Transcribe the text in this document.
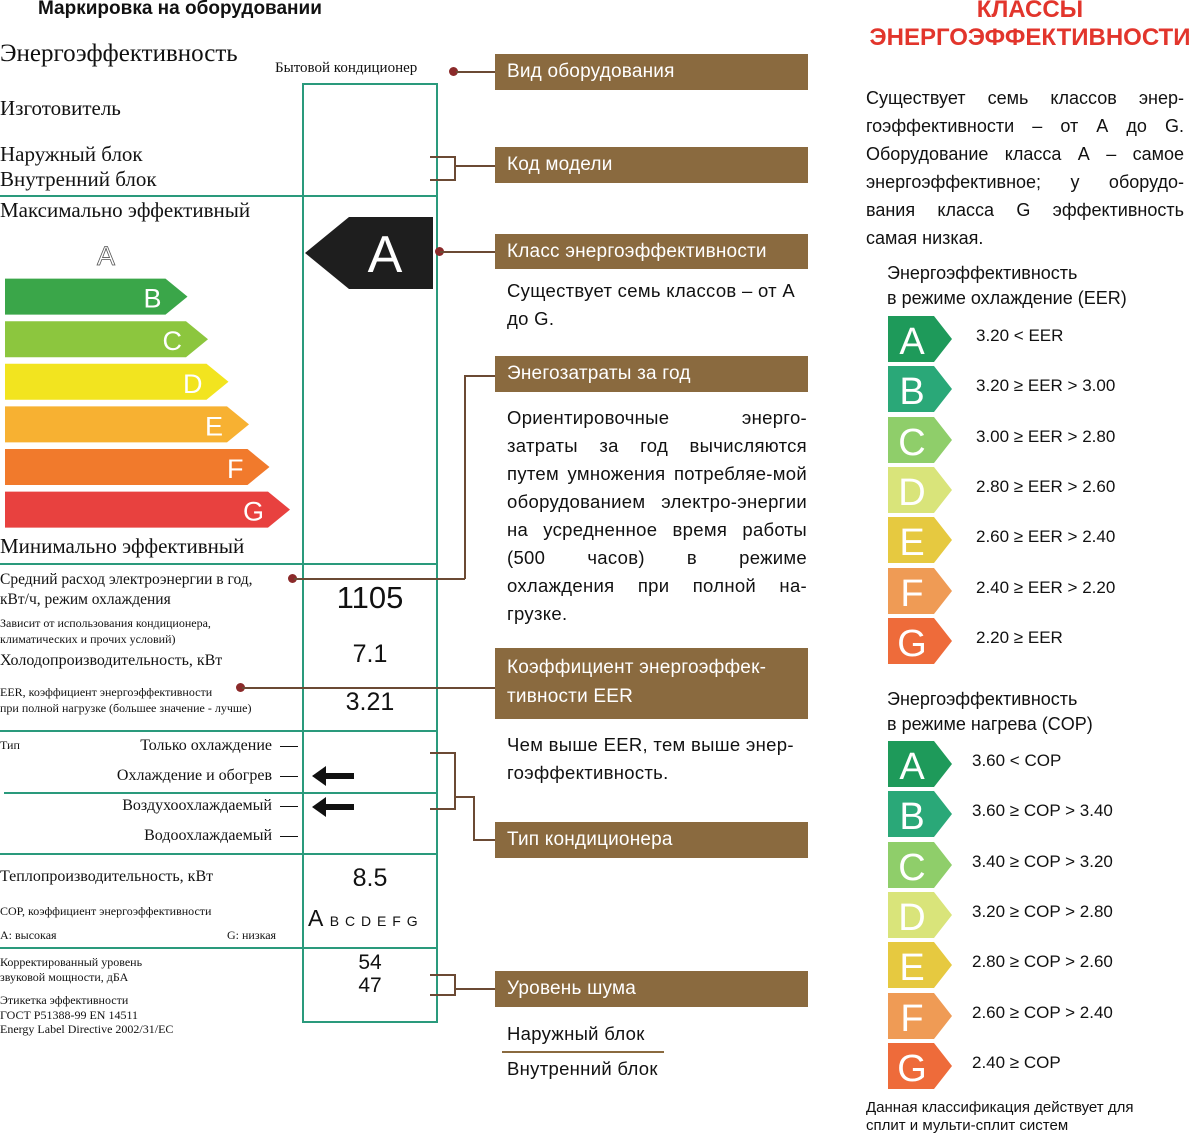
Маркировка на оборудовании
Энергоэффективность
Бытовой кондиционер
Изготовитель
Наружный блок
Внутренний блок
Максимально эффективный
Минимально эффективный
A
B
C
D
E
F
G
A
Средний расход электроэнергии в год,
кВт/ч, режим охлаждения
Зависит от использования кондиционера,
климатических и прочих условий)
1105
Холодопроизводительность, кВт	7.1
EER, коэффициент энергоэффективности
при полной нагрузке (большее значение - лучше)	3.21
Тип	Только охлаждение
Охлаждение и обогрев
Воздухоохлаждаемый
Водоохлаждаемый
Теплопроизводительность, кВт	8.5
COP, коэффициент энергоэффективности
A: высокая	G: низкая
A B C D E F G
Корректированный уровень
звуковой мощности, дБА
54
47
Этикетка эффективности
ГОСТ Р51388-99 EN 14511
Energy Label Directive 2002/31/EC
Вид оборудования
Код модели
Класс энергоэффективности
Существует семь классов – от А до G.
Энегозатраты за год
Ориентировочные энерго-затраты за год вычисляются путем умножения потребляе-мой оборудованием электро-энергии на усредненное время работы (500 часов) в режиме охлаждения при полной на-грузке.
Коэффициент энергоэффек-тивности EER
Чем выше EER, тем выше энер-гоэффективность.
Тип кондиционера
Уровень шума
Наружный блок
Внутренний блок
КЛАССЫ
ЭНЕРГОЭФФЕКТИВНОСТИ
Существует семь классов энер-гоэффективности – от А до G. Оборудование класса А – самое энергоэффективное; у оборудо-вания класса G эффективность самая низкая.
Энергоэффективность
в режиме охлаждение (EER)
A	3.20 < EER
B	3.20 ≥ EER > 3.00
C	3.00 ≥ EER > 2.80
D	2.80 ≥ EER > 2.60
E	2.60 ≥ EER > 2.40
F	2.40 ≥ EER > 2.20
G	2.20 ≥ EER
Энергоэффективность
в режиме нагрева (COP)
A	3.60 < COP
B	3.60 ≥ COP > 3.40
C	3.40 ≥ COP > 3.20
D	3.20 ≥ COP > 2.80
E	2.80 ≥ COP > 2.60
F	2.60 ≥ COP > 2.40
G	2.40 ≥ COP
Данная классификация действует для
сплит и мульти-сплит систем
